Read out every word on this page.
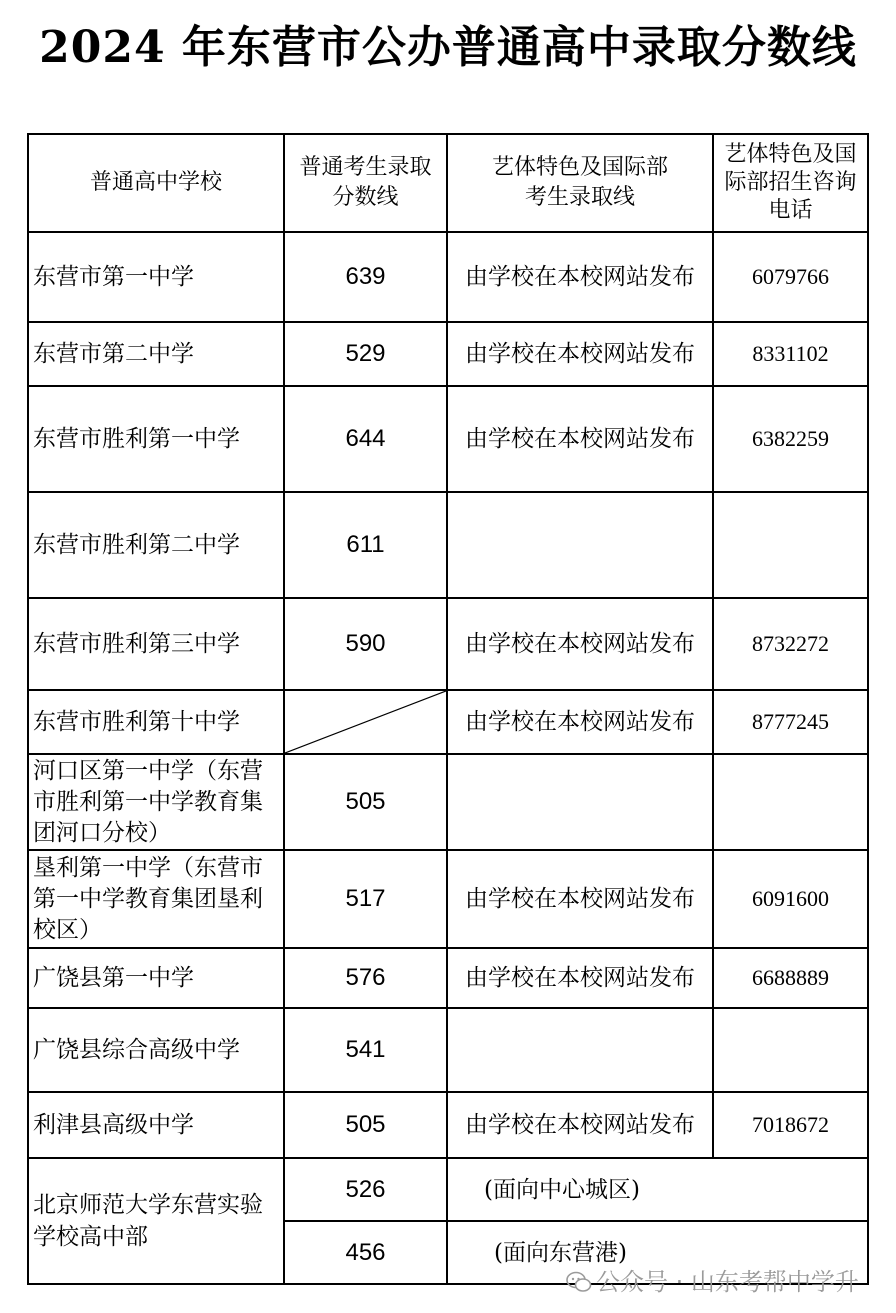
2024 年东营市公办普通高中录取分数线
普通高中学校	普通考生录取分数线	艺体特色及国际部考生录取线	艺体特色及国际部招生咨询电话
东营市第一中学	639	由学校在本校网站发布	6079766
东营市第二中学	529	由学校在本校网站发布	8331102
东营市胜利第一中学	644	由学校在本校网站发布	6382259
东营市胜利第二中学	611		
东营市胜利第三中学	590	由学校在本校网站发布	8732272
东营市胜利第十中学		由学校在本校网站发布	8777245
河口区第一中学（东营市胜利第一中学教育集团河口分校）	505		
垦利第一中学（东营市第一中学教育集团垦利校区）	517	由学校在本校网站发布	6091600
广饶县第一中学	576	由学校在本校网站发布	6688889
广饶县综合高级中学	541		
利津县高级中学	505	由学校在本校网站发布	7018672
北京师范大学东营实验学校高中部	526	(面向中心城区)	
	456	(面向东营港)	
公众号 · 山东考帮中学升
